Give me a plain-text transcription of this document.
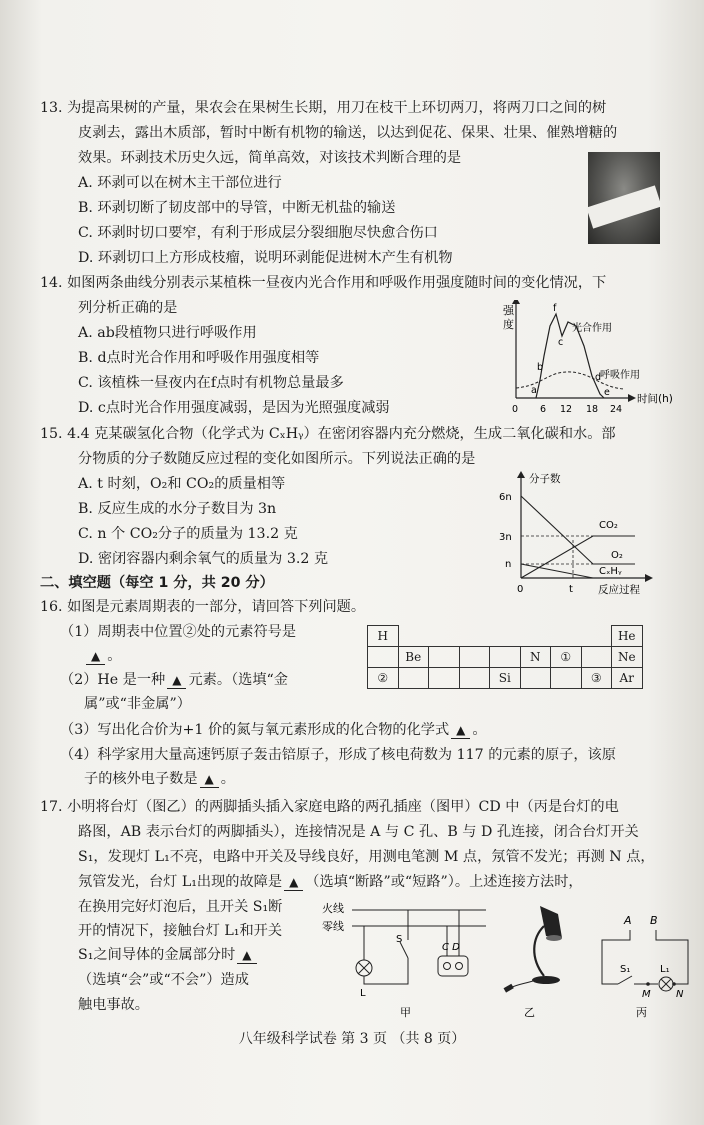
13. 为提高果树的产量，果农会在果树生长期，用刀在枝干上环切两刀，将两刀口之间的树
皮剥去，露出木质部，暂时中断有机物的输送，以达到促花、保果、壮果、催熟增糖的
效果。环剥技术历史久远，简单高效，对该技术判断合理的是
A. 环剥可以在树木主干部位进行
B. 环剥切断了韧皮部中的导管，中断无机盐的输送
C. 环剥时切口要窄，有利于形成层分裂细胞尽快愈合伤口
D. 环剥切口上方形成枝瘤，说明环剥能促进树木产生有机物
14. 如图两条曲线分别表示某植株一昼夜内光合作用和呼吸作用强度随时间的变化情况，下
列分析正确的是
A. ab段植物只进行呼吸作用
B. d点时光合作用和呼吸作用强度相等
C. 该植株一昼夜内在f点时有机物总量最多
D. c点时光合作用强度减弱，是因为光照强度减弱
强
度
时间(h)
a
b
c
d
e
f
光合作用
呼吸作用
0 6 12 18 24
15. 4.4 克某碳氢化合物（化学式为 CₓHᵧ）在密闭容器内充分燃烧，生成二氧化碳和水。部
分物质的分子数随反应过程的变化如图所示。下列说法正确的是
A. t 时刻，O₂和 CO₂的质量相等
B. 反应生成的水分子数目为 3n
C. n 个 CO₂分子的质量为 13.2 克
D. 密闭容器内剩余氧气的质量为 3.2 克
分子数
6n
3n
n
0	t 反应过程
CO₂
O₂
CₓHᵧ
二、填空题（每空 1 分，共 20 分）
16. 如图是元素周期表的一部分，请回答下列问题。
（1）周期表中位置②处的元素符号是
▲ 。
（2）He 是一种 ▲ 元素。（选填“金
属”或“非金属”）
（3）写出化合价为+1 价的氮与氧元素形成的化合物的化学式 ▲ 。
（4）科学家用大量高速钙原子轰击锫原子，形成了核电荷数为 117 的元素的原子，该原
子的核外电子数是 ▲ 。
H								He
	Be				N	①		Ne
②				Si			③	Ar
17. 小明将台灯（图乙）的两脚插头插入家庭电路的两孔插座（图甲）CD 中（丙是台灯的电
路图，AB 表示台灯的两脚插头），连接情况是 A 与 C 孔、B 与 D 孔连接，闭合台灯开关
S₁，发现灯 L₁不亮，电路中开关及导线良好，用测电笔测 M 点，氖管不发光；再测 N 点，
氖管发光，台灯 L₁出现的故障是 ▲ （选填“断路”或“短路”）。上述连接方法时，
在换用完好灯泡后，且开关 S₁断
开的情况下，接触台灯 L₁和开关
S₁之间导体的金属部分时 ▲
（选填“会”或“不会”）造成
触电事故。
火线
零线
S
L
C D
甲	乙
A B
S₁	L₁
M	N
丙
八年级科学试卷 第 3 页 （共 8 页）
